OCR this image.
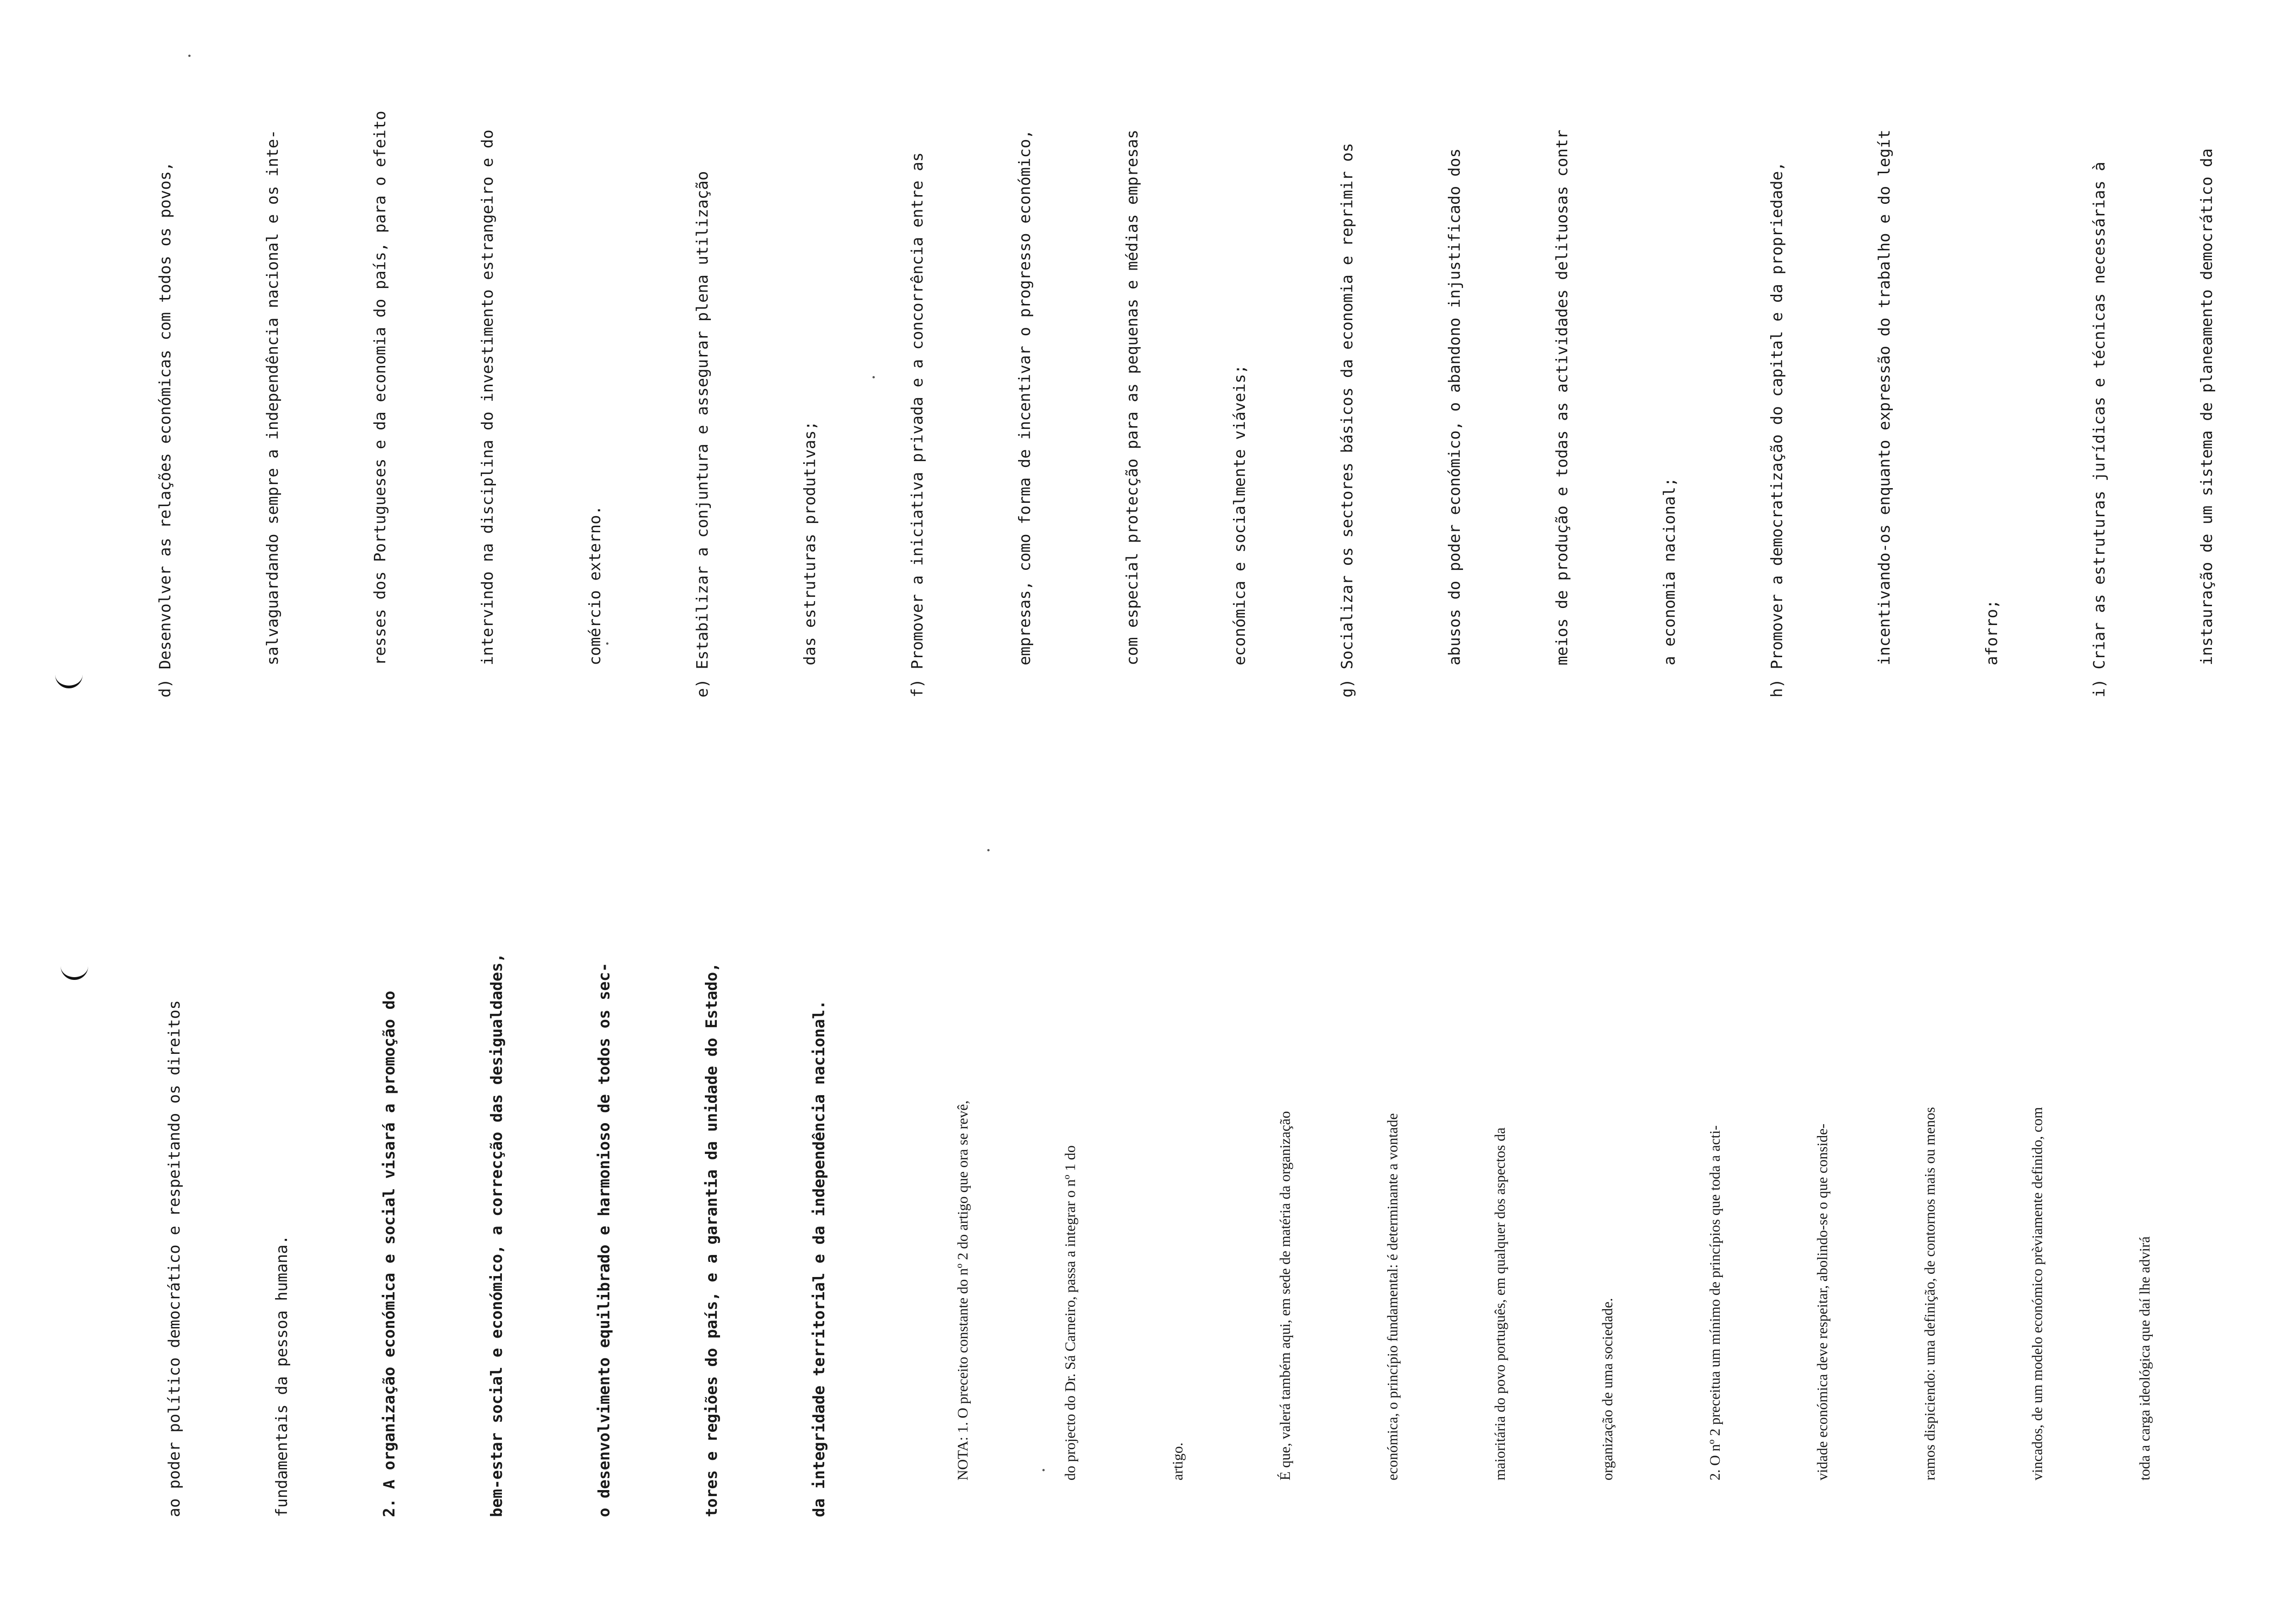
ao poder político democrático e respeitando os direitos

	fundamentais da pessoa humana.

	2. A organização económica e social visará a promoção do

	bem-estar social e económico, a correcção das desigualdades,

	o desenvolvimento equilibrado e harmonioso de todos os sec-

	tores e regiões do país, e a garantia da unidade do Estado,

	da integridade territorial e da independência nacional.

	NOTA: 1. O preceito constante do nº 2 do artigo que ora se revê,

	do projecto do Dr. Sá Carneiro, passa a integrar o nº 1 do

	artigo.

	É que, valerá também aqui, em sede de matéria da organização

	económica, o princípio fundamental: é determinante a vontade

	maioritária do povo português, em qualquer dos aspectos da

	organização de uma sociedade.

	2. O nº 2 preceitua um mínimo de princípios que toda a acti-

	vidade económica deve respeitar, abolindo-se o que conside-

	ramos dispiciendo: uma definição, de contornos mais ou menos

	vincados, de um modelo económico prèviamente definido, com

	toda a carga ideológica que daí lhe advirá

d) Desenvolver as relações económicas com todos os povos,

	salvaguardando sempre a independência nacional e os inte-

	resses dos Portugueses e da economia do país, para o efeito

	intervindo na disciplina do investimento estrangeiro e do

	comércio externo.

	e) Estabilizar a conjuntura e assegurar plena utilização

	das estruturas produtivas;

	f) Promover a iniciativa privada e a concorrência entre as

	empresas, como forma de incentivar o progresso económico,

	com especial protecção para as pequenas e médias empresas

	económica e socialmente viáveis;

	g) Socializar os sectores básicos da economia e reprimir os

	abusos do poder económico, o abandono injustificado dos

	meios de produção e todas as actividades delituosas contr

	a economia nacional;

	h) Promover a democratização do capital e da propriedade,

	incentivando-os enquanto expressão do trabalho e do legít

	aforro;

	i) Criar as estruturas jurídicas e técnicas necessárias à

	instauração de um sistema de planeamento democrático da
